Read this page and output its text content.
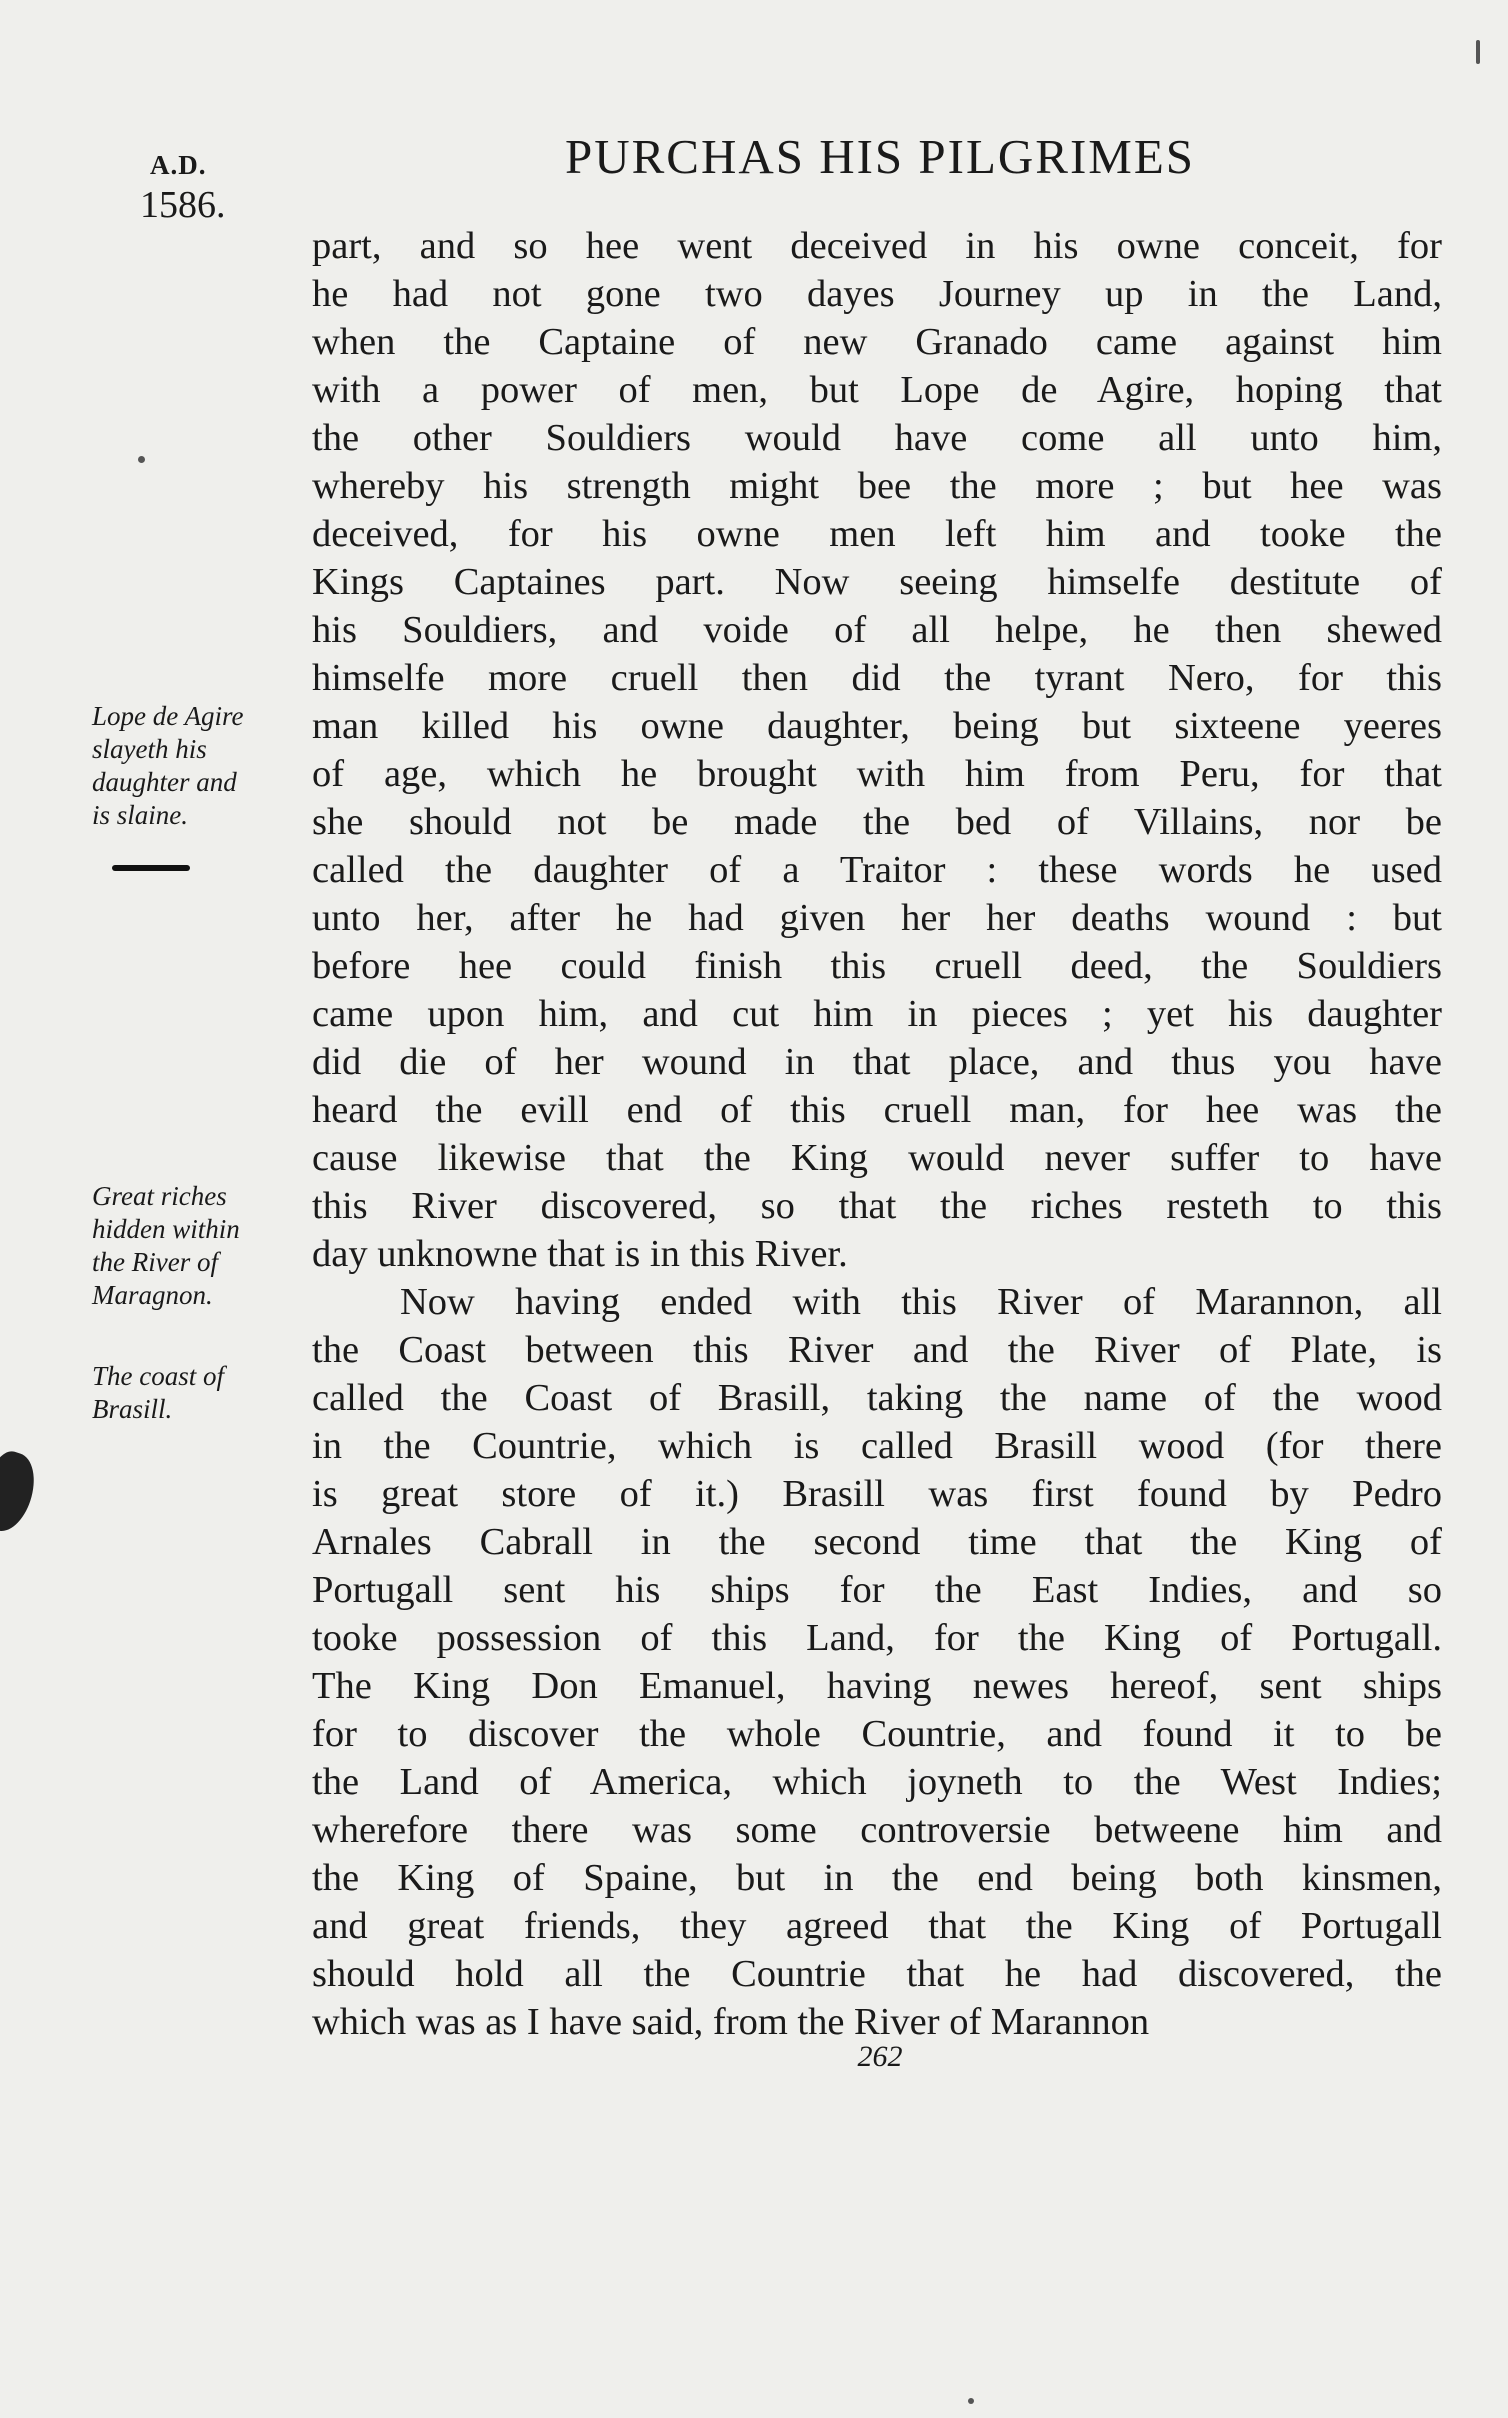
A.D.
1586.
PURCHAS HIS PILGRIMES
part, and so hee went deceived in his owne conceit, for
he had not gone two dayes Journey up in the Land,
when the Captaine of new Granado came against him
with a power of men, but Lope de Agire, hoping that
the other Souldiers would have come all unto him,
whereby his strength might bee the more ; but hee was
deceived, for his owne men left him and tooke the
Kings Captaines part. Now seeing himselfe destitute of
his Souldiers, and voide of all helpe, he then shewed
himselfe more cruell then did the tyrant Nero, for this
man killed his owne daughter, being but sixteene yeeres
of age, which he brought with him from Peru, for that
she should not be made the bed of Villains, nor be
called the daughter of a Traitor : these words he used
unto her, after he had given her her deaths wound : but
before hee could finish this cruell deed, the Souldiers
came upon him, and cut him in pieces ; yet his daughter
did die of her wound in that place, and thus you have
heard the evill end of this cruell man, for hee was the
cause likewise that the King would never suffer to have
this River discovered, so that the riches resteth to this
day unknowne that is in this River.
Now having ended with this River of Marannon, all
the Coast between this River and the River of Plate, is
called the Coast of Brasill, taking the name of the wood
in the Countrie, which is called Brasill wood (for there
is great store of it.) Brasill was first found by Pedro
Arnales Cabrall in the second time that the King of
Portugall sent his ships for the East Indies, and so
tooke possession of this Land, for the King of Portugall.
The King Don Emanuel, having newes hereof, sent ships
for to discover the whole Countrie, and found it to be
the Land of America, which joyneth to the West Indies;
wherefore there was some controversie betweene him and
the King of Spaine, but in the end being both kinsmen,
and great friends, they agreed that the King of Portugall
should hold all the Countrie that he had discovered, the
which was as I have said, from the River of Marannon
Lope de Agire
slayeth his
daughter and
is slaine.
Great riches
hidden within
the River of
Maragnon.
The coast of
Brasill.
262
